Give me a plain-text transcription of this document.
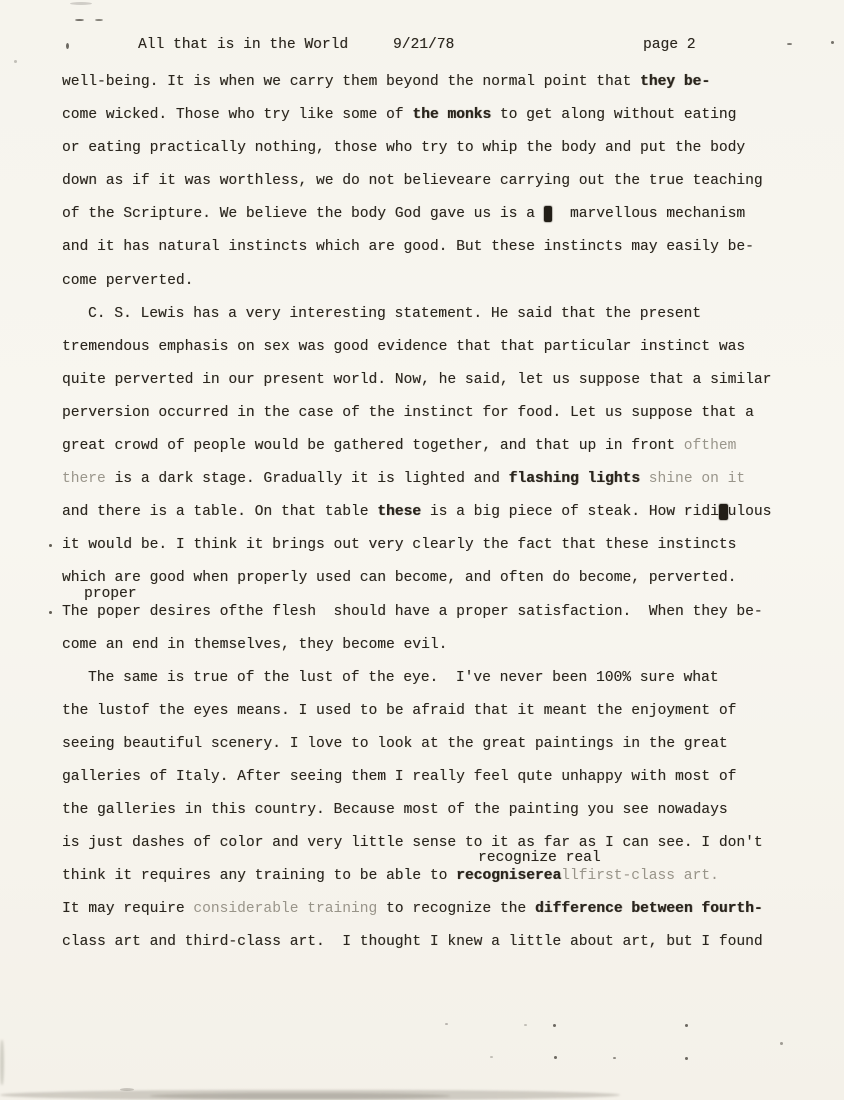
All that is in the World	9/21/78	page 2
well-being. It is when we carry them beyond the normal point that they be-
come wicked. Those who try like some of the monks to get along without eating
or eating practically nothing, those who try to whip the body and put the body
down as if it was worthless, we do not believeare carrying out the true teaching
of the Scripture. We believe the body God gave us is a m  marvellous mechanism
and it has natural instincts which are good. But these instincts may easily be-
come perverted.
C. S. Lewis has a very interesting statement. He said that the present
tremendous emphasis on sex was good evidence that that particular instinct was
quite perverted in our present world. Now, he said, let us suppose that a similar
perversion occurred in the case of the instinct for food. Let us suppose that a
great crowd of people would be gathered together, and that up in front ofthem
there is a dark stage. Gradually it is lighted and flashing lights shine on it
and there is a table. On that table these is a big piece of steak. How ridiculous
it would be. I think it brings out very clearly the fact that these instincts
which are good when properly used can become, and often do become, perverted.
proper
The poper desires ofthe flesh  should have a proper satisfaction.  When they be-
come an end in themselves, they become evil.
The same is true of the lust of the eye.  I've never been 100% sure what
the lustof the eyes means. I used to be afraid that it meant the enjoyment of
seeing beautiful scenery. I love to look at the great paintings in the great
galleries of Italy. After seeing them I really feel qute unhappy with most of
the galleries in this country. Because most of the painting you see nowadays
is just dashes of color and very little sense to it as far as I can see. I don't
recognize real
think it requires any training to be able to recognisereallfirst-class art.
It may require considerable training to recognize the difference between fourth-
class art and third-class art.  I thought I knew a little about art, but I found
